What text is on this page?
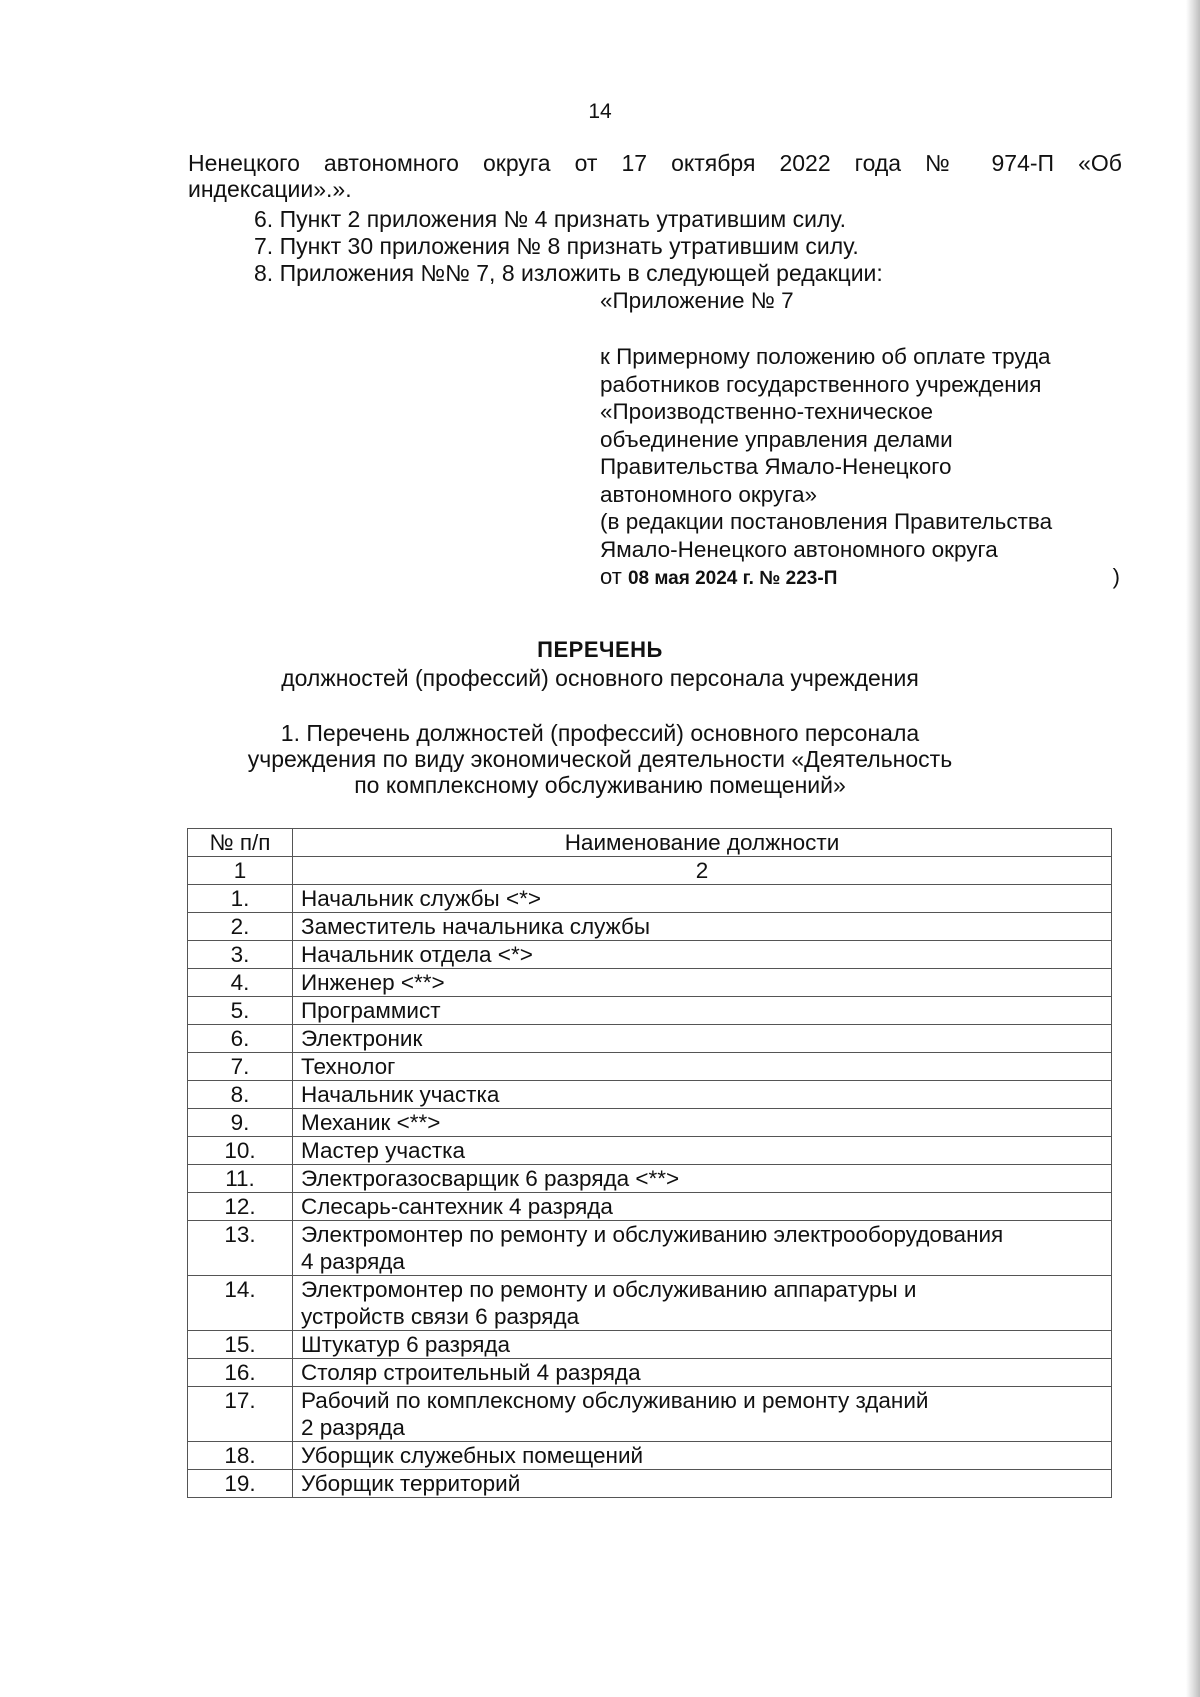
14
Ненецкого автономного округа от 17 октября 2022 года № 974-П «Об
индексации».».
6. Пункт 2 приложения № 4 признать утратившим силу.
7. Пункт 30 приложения № 8 признать утратившим силу.
8. Приложения №№ 7, 8 изложить в следующей редакции:
«Приложение № 7
к Примерному положению об оплате труда
работников государственного учреждения
«Производственно-техническое
объединение управления делами
Правительства Ямало-Ненецкого
автономного округа»
(в редакции постановления Правительства
Ямало-Ненецкого автономного округа
от 08 мая 2024 г. № 223-П	)
ПЕРЕЧЕНЬ
должностей (профессий) основного персонала учреждения
1. Перечень должностей (профессий) основного персонала
учреждения по виду экономической деятельности «Деятельность
по комплексному обслуживанию помещений»
№ п/п	Наименование должности
1	2
1.	Начальник службы <*>

2.	Заместитель начальника службы

3.	Начальник отдела <*>

4.	Инженер <**>

5.	Программист

6.	Электроник

7.	Технолог

8.	Начальник участка

9.	Механик <**>

10.	Мастер участка

11.	Электрогазосварщик 6 разряда <**>

12.	Слесарь-сантехник 4 разряда

13.	Электромонтер по ремонту и обслуживанию электрооборудования
4 разряда

14.	Электромонтер по ремонту и обслуживанию аппаратуры и
устройств связи 6 разряда

15.	Штукатур 6 разряда

16.	Столяр строительный 4 разряда

17.	Рабочий по комплексному обслуживанию и ремонту зданий
2 разряда

18.	Уборщик служебных помещений

19.	Уборщик территорий
